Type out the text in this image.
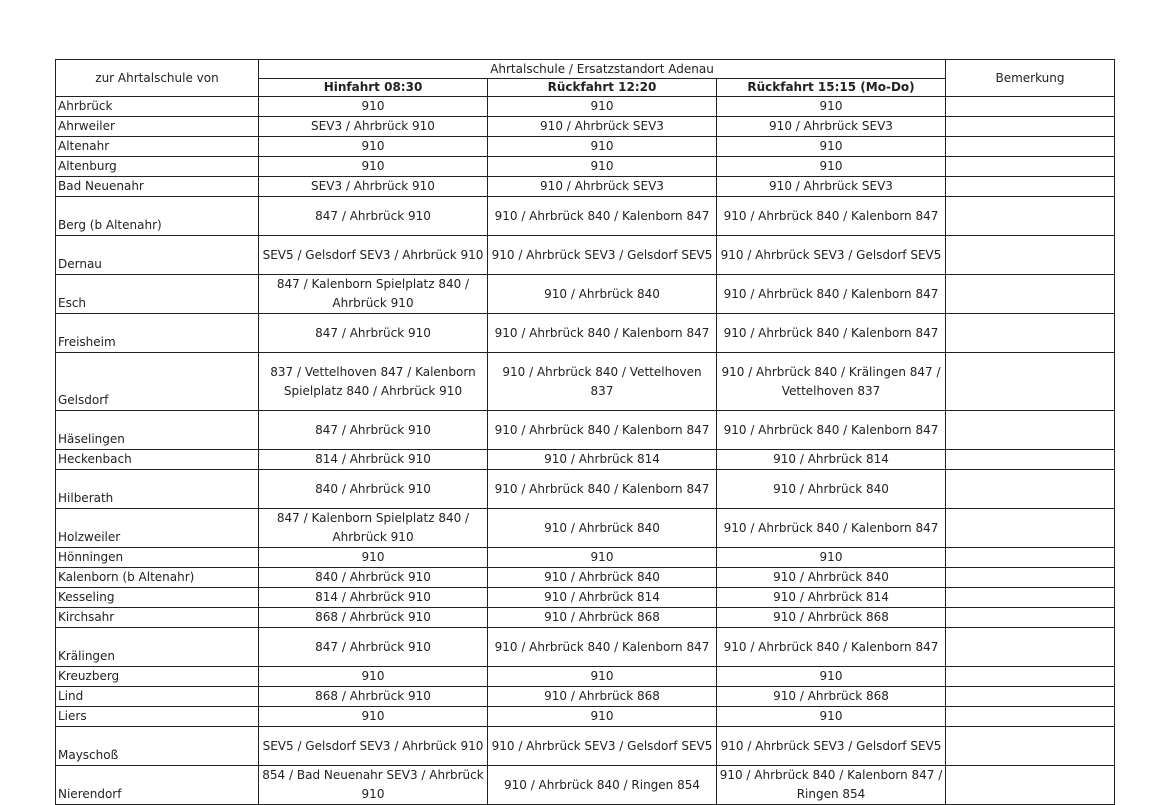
zur Ahrtalschule von	Ahrtalschule / Ersatzstandort Adenau			Bemerkung
	Hinfahrt 08:30	Rückfahrt 12:20	Rückfahrt 15:15 (Mo-Do)	
Ahrbrück	910	910	910	
Ahrweiler	SEV3 / Ahrbrück 910	910 / Ahrbrück SEV3	910 / Ahrbrück SEV3	
Altenahr	910	910	910	
Altenburg	910	910	910	
Bad Neuenahr	SEV3 / Ahrbrück 910	910 / Ahrbrück SEV3	910 / Ahrbrück SEV3	
Berg (b Altenahr)	847 / Ahrbrück 910	910 / Ahrbrück 840 / Kalenborn 847	910 / Ahrbrück 840 / Kalenborn 847	
Dernau	SEV5 / Gelsdorf SEV3 / Ahrbrück 910	910 / Ahrbrück SEV3 / Gelsdorf SEV5	910 / Ahrbrück SEV3 / Gelsdorf SEV5	
Esch	847 / Kalenborn Spielplatz 840 / Ahrbrück 910	910 / Ahrbrück 840	910 / Ahrbrück 840 / Kalenborn 847	
Freisheim	847 / Ahrbrück 910	910 / Ahrbrück 840 / Kalenborn 847	910 / Ahrbrück 840 / Kalenborn 847	
Gelsdorf	837 / Vettelhoven 847 / Kalenborn Spielplatz 840 / Ahrbrück 910	910 / Ahrbrück 840 / Vettelhoven 837	910 / Ahrbrück 840 / Krälingen 847 / Vettelhoven 837	
Häselingen	847 / Ahrbrück 910	910 / Ahrbrück 840 / Kalenborn 847	910 / Ahrbrück 840 / Kalenborn 847	
Heckenbach	814 / Ahrbrück 910	910 / Ahrbrück 814	910 / Ahrbrück 814	
Hilberath	840 / Ahrbrück 910	910 / Ahrbrück 840 / Kalenborn 847	910 / Ahrbrück 840	
Holzweiler	847 / Kalenborn Spielplatz 840 / Ahrbrück 910	910 / Ahrbrück 840	910 / Ahrbrück 840 / Kalenborn 847	
Hönningen	910	910	910	
Kalenborn (b Altenahr)	840 / Ahrbrück 910	910 / Ahrbrück 840	910 / Ahrbrück 840	
Kesseling	814 / Ahrbrück 910	910 / Ahrbrück 814	910 / Ahrbrück 814	
Kirchsahr	868 / Ahrbrück 910	910 / Ahrbrück 868	910 / Ahrbrück 868	
Krälingen	847 / Ahrbrück 910	910 / Ahrbrück 840 / Kalenborn 847	910 / Ahrbrück 840 / Kalenborn 847	
Kreuzberg	910	910	910	
Lind	868 / Ahrbrück 910	910 / Ahrbrück 868	910 / Ahrbrück 868	
Liers	910	910	910	
Mayschoß	SEV5 / Gelsdorf SEV3 / Ahrbrück 910	910 / Ahrbrück SEV3 / Gelsdorf SEV5	910 / Ahrbrück SEV3 / Gelsdorf SEV5	
Nierendorf	854 / Bad Neuenahr SEV3 / Ahrbrück 910	910 / Ahrbrück 840 / Ringen 854	910 / Ahrbrück 840 / Kalenborn 847 / Ringen 854	
